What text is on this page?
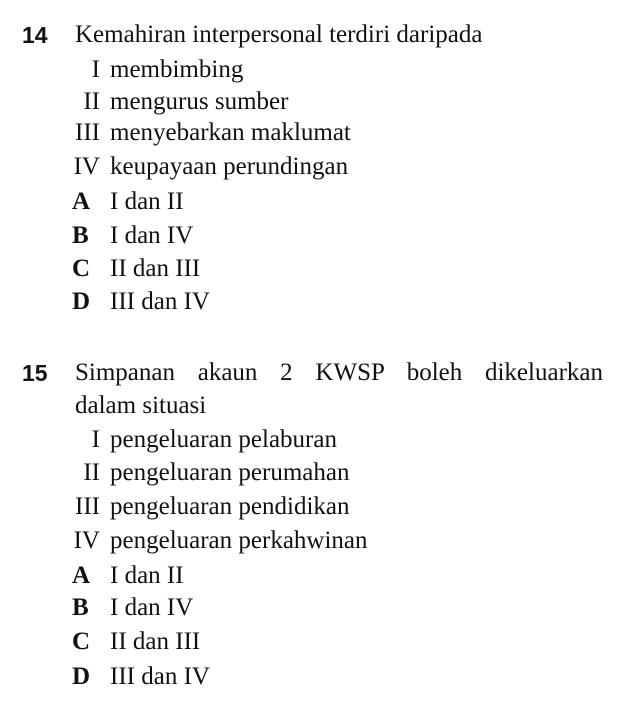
14 Kemahiran interpersonal terdiri daripada
I membimbing
II mengurus sumber
III menyebarkan maklumat
IV keupayaan perundingan
A I dan II
B I dan IV
C II dan III
D III dan IV
15 Simpanan akaun 2 KWSP boleh dikeluarkan
dalam situasi
I pengeluaran pelaburan
II pengeluaran perumahan
III pengeluaran pendidikan
IV pengeluaran perkahwinan
A I dan II
B I dan IV
C II dan III
D III dan IV
